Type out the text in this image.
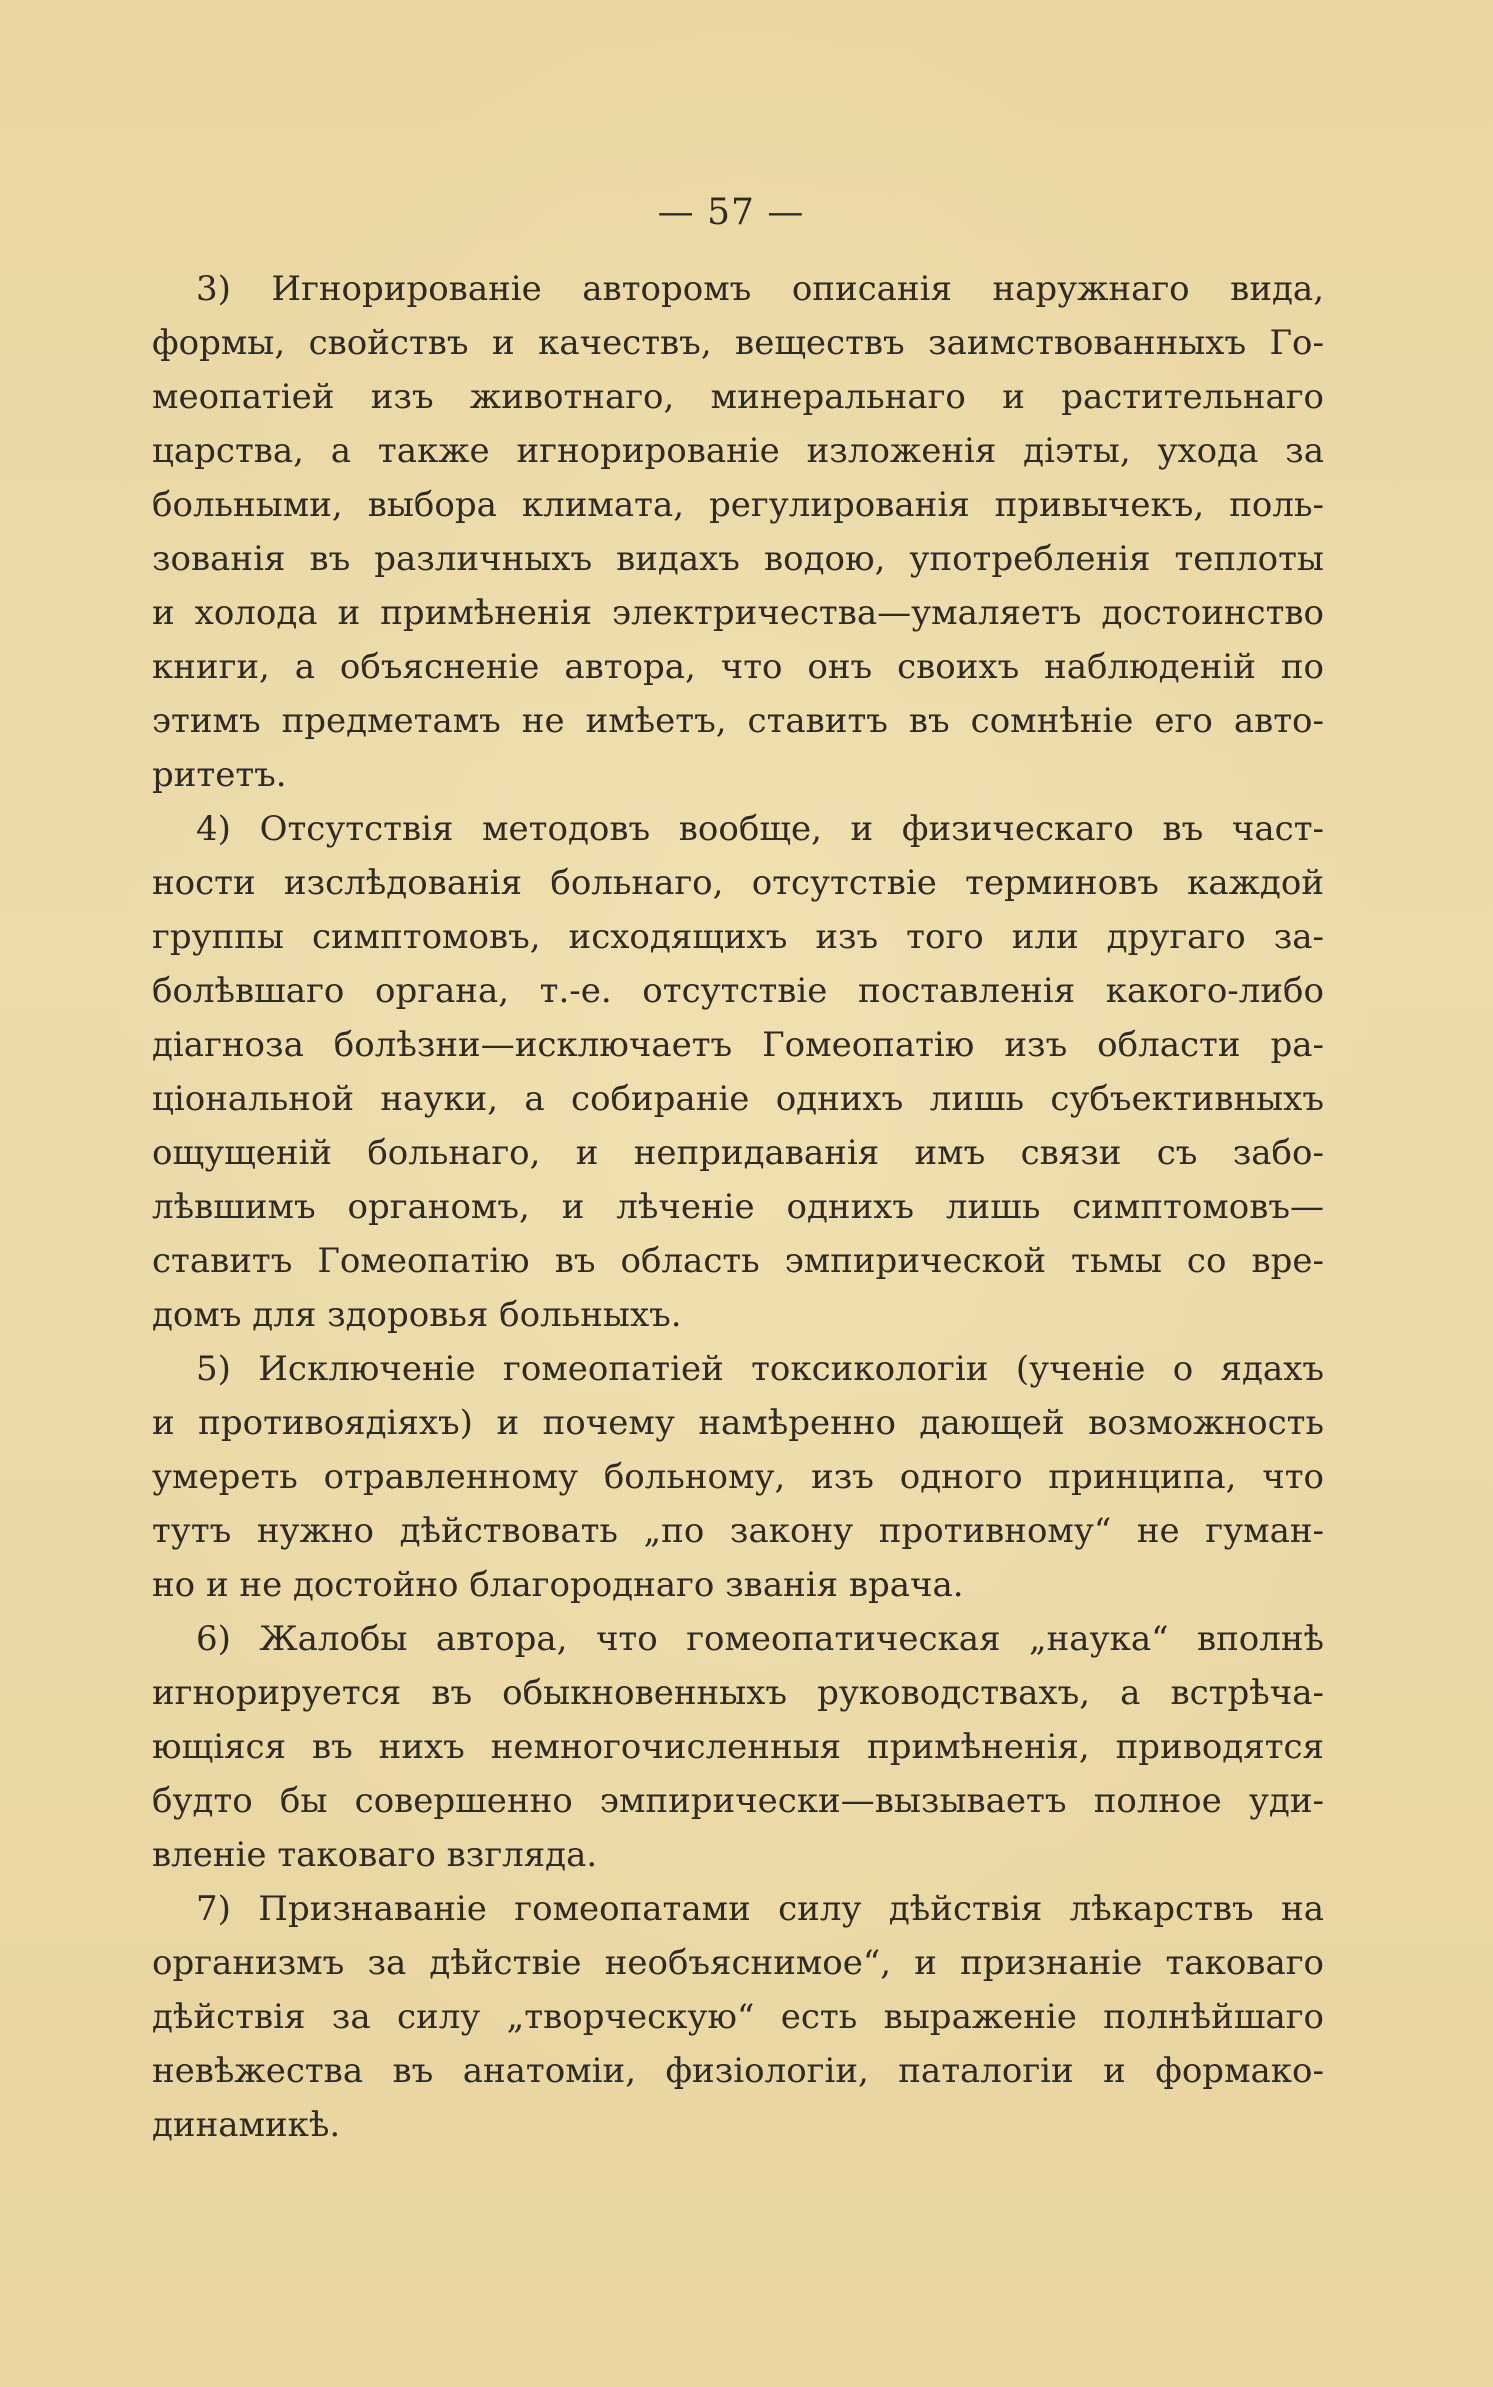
— 57 —
3) Игнорированіе авторомъ описанія наружнаго вида,
формы, свойствъ и качествъ, веществъ заимствованныхъ Го-
меопатіей изъ животнаго, минеральнаго и растительнаго
царства, а также игнорированіе изложенія діэты, ухода за
больными, выбора климата, регулированія привычекъ, поль-
зованія въ различныхъ видахъ водою, употребленія теплоты
и холода и примѣненія электричества—умаляетъ достоинство
книги, а объясненіе автора, что онъ своихъ наблюденій по
этимъ предметамъ не имѣетъ, ставитъ въ сомнѣніе его авто-
ритетъ.
4) Отсутствія методовъ вообще, и физическаго въ част-
ности изслѣдованія больнаго, отсутствіе терминовъ каждой
группы симптомовъ, исходящихъ изъ того или другаго за-
болѣвшаго органа, т.-е. отсутствіе поставленія какого-либо
діагноза болѣзни—исключаетъ Гомеопатію изъ области ра-
ціональной науки, а собираніе однихъ лишь субъективныхъ
ощущеній больнаго, и непридаванія имъ связи съ забо-
лѣвшимъ органомъ, и лѣченіе однихъ лишь симптомовъ—
ставитъ Гомеопатію въ область эмпирической тьмы со вре-
домъ для здоровья больныхъ.
5) Исключеніе гомеопатіей токсикологіи (ученіе о ядахъ
и противоядіяхъ) и почему намѣренно дающей возможность
умереть отравленному больному, изъ одного принципа, что
тутъ нужно дѣйствовать „по закону противному“ не гуман-
но и не достойно благороднаго званія врача.
6) Жалобы автора, что гомеопатическая „наука“ вполнѣ
игнорируется въ обыкновенныхъ руководствахъ, а встрѣча-
ющіяся въ нихъ немногочисленныя примѣненія, приводятся
будто бы совершенно эмпирически—вызываетъ полное уди-
вленіе таковаго взгляда.
7) Признаваніе гомеопатами силу дѣйствія лѣкарствъ на
организмъ за дѣйствіе необъяснимое“, и признаніе таковаго
дѣйствія за силу „творческую“ есть выраженіе полнѣйшаго
невѣжества въ анатоміи, физіологіи, паталогіи и формако-
динамикѣ.
